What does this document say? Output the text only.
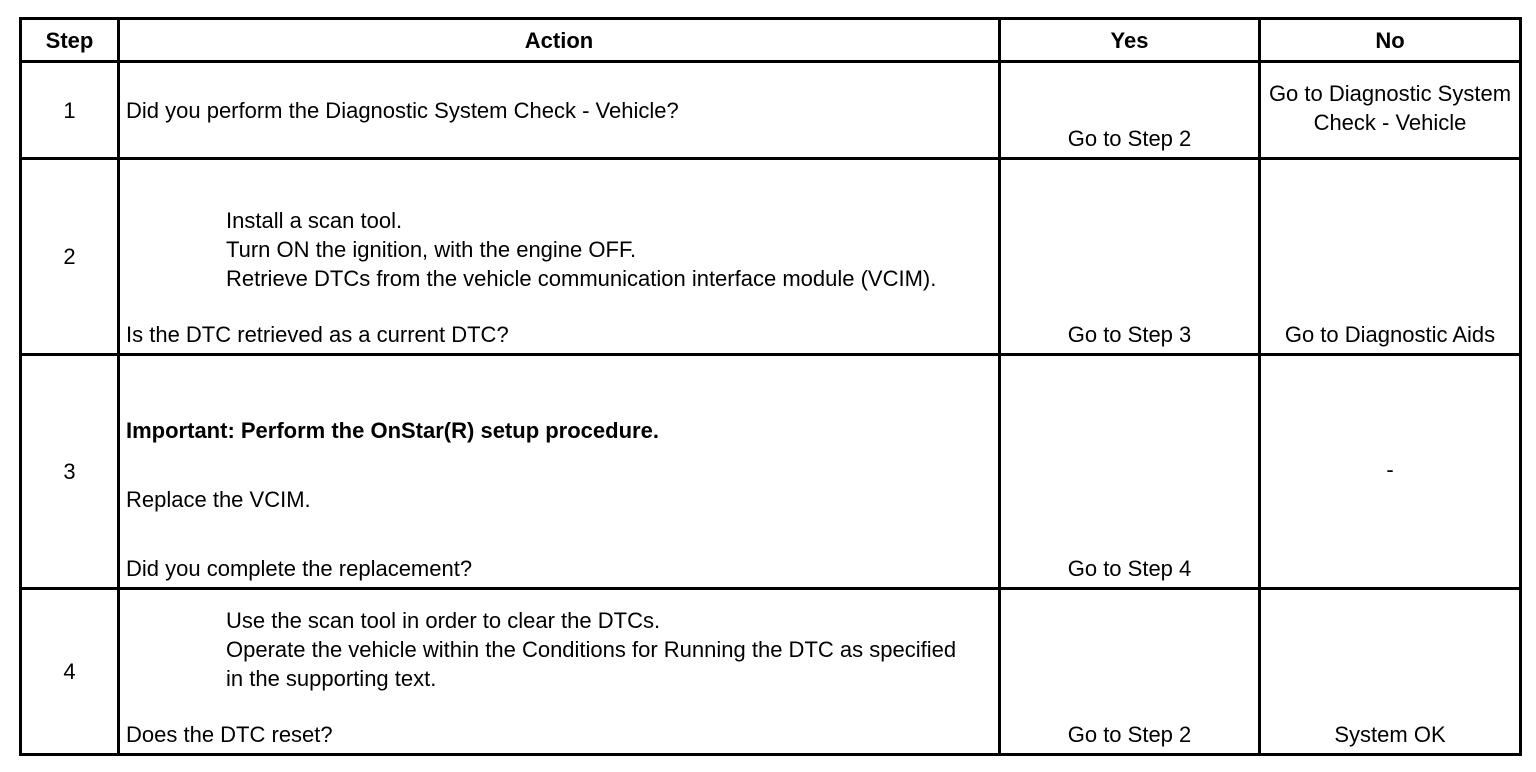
Step	Action	Yes	No
1	Did you perform the Diagnostic System Check - Vehicle?	Go to Step 2	Go to Diagnostic System Check - Vehicle
2	Install a scan tool.
Turn ON the ignition, with the engine OFF.
Retrieve DTCs from the vehicle communication interface module (VCIM).
Is the DTC retrieved as a current DTC?	Go to Step 3	Go to Diagnostic Aids
3	Important: Perform the OnStar(R) setup procedure.
Replace the VCIM.
Did you complete the replacement?	Go to Step 4	-
4	Use the scan tool in order to clear the DTCs.
Operate the vehicle within the Conditions for Running the DTC as specified in the supporting text.
Does the DTC reset?	Go to Step 2	System OK
